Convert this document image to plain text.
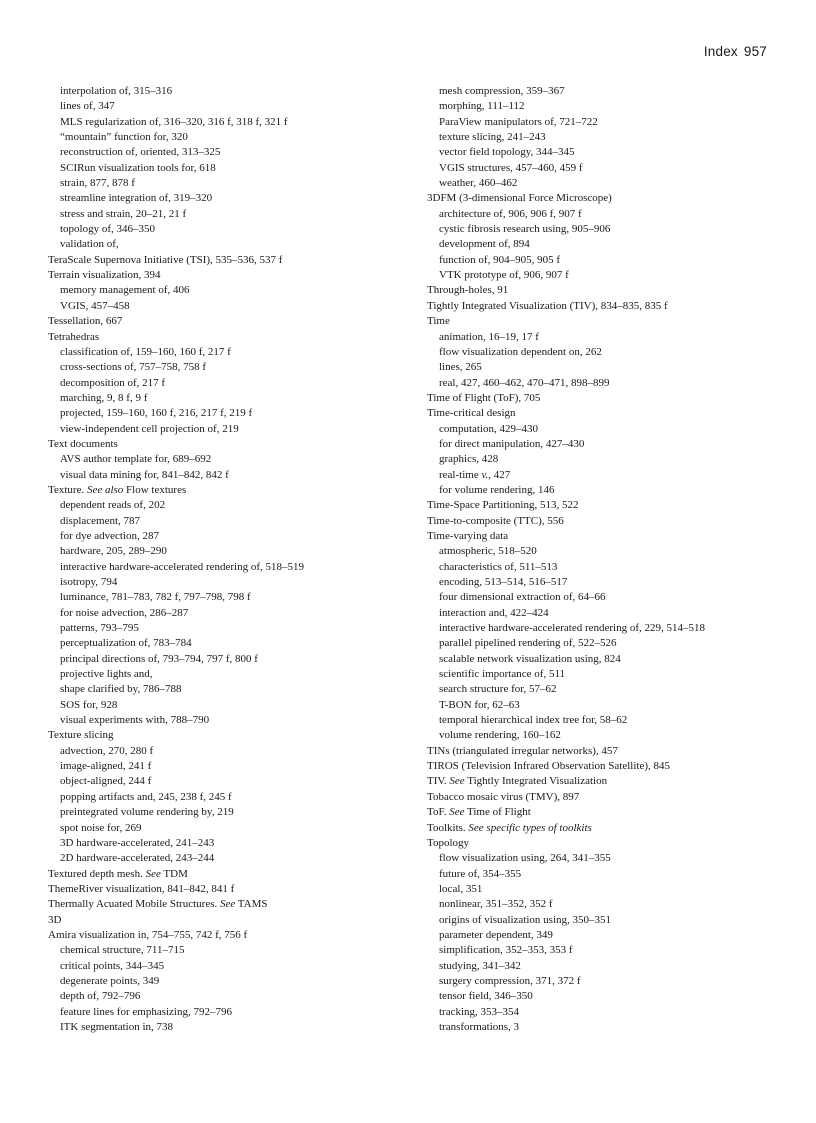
Index 957
interpolation of, 315–316
lines of, 347
MLS regularization of, 316–320, 316 f, 318 f, 321 f
“mountain” function for, 320
reconstruction of, oriented, 313–325
SCIRun visualization tools for, 618
strain, 877, 878 f
streamline integration of, 319–320
stress and strain, 20–21, 21 f
topology of, 346–350
validation of,
TeraScale Supernova Initiative (TSI), 535–536, 537 f
Terrain visualization, 394
memory management of, 406
VGIS, 457–458
Tessellation, 667
Tetrahedras
classification of, 159–160, 160 f, 217 f
cross-sections of, 757–758, 758 f
decomposition of, 217 f
marching, 9, 8 f, 9 f
projected, 159–160, 160 f, 216, 217 f, 219 f
view-independent cell projection of, 219
Text documents
AVS author template for, 689–692
visual data mining for, 841–842, 842 f
Texture. See also Flow textures
dependent reads of, 202
displacement, 787
for dye advection, 287
hardware, 205, 289–290
interactive hardware-accelerated rendering of, 518–519
isotropy, 794
luminance, 781–783, 782 f, 797–798, 798 f
for noise advection, 286–287
patterns, 793–795
perceptualization of, 783–784
principal directions of, 793–794, 797 f, 800 f
projective lights and,
shape clarified by, 786–788
SOS for, 928
visual experiments with, 788–790
Texture slicing
advection, 270, 280 f
image-aligned, 241 f
object-aligned, 244 f
popping artifacts and, 245, 238 f, 245 f
preintegrated volume rendering by, 219
spot noise for, 269
3D hardware-accelerated, 241–243
2D hardware-accelerated, 243–244
Textured depth mesh. See TDM
ThemeRiver visualization, 841–842, 841 f
Thermally Acuated Mobile Structures. See TAMS
3D
Amira visualization in, 754–755, 742 f, 756 f
chemical structure, 711–715
critical points, 344–345
degenerate points, 349
depth of, 792–796
feature lines for emphasizing, 792–796
ITK segmentation in, 738
mesh compression, 359–367
morphing, 111–112
ParaView manipulators of, 721–722
texture slicing, 241–243
vector field topology, 344–345
VGIS structures, 457–460, 459 f
weather, 460–462
3DFM (3-dimensional Force Microscope)
architecture of, 906, 906 f, 907 f
cystic fibrosis research using, 905–906
development of, 894
function of, 904–905, 905 f
VTK prototype of, 906, 907 f
Through-holes, 91
Tightly Integrated Visualization (TIV), 834–835, 835 f
Time
animation, 16–19, 17 f
flow visualization dependent on, 262
lines, 265
real, 427, 460–462, 470–471, 898–899
Time of Flight (ToF), 705
Time-critical design
computation, 429–430
for direct manipulation, 427–430
graphics, 428
real-time v., 427
for volume rendering, 146
Time-Space Partitioning, 513, 522
Time-to-composite (TTC), 556
Time-varying data
atmospheric, 518–520
characteristics of, 511–513
encoding, 513–514, 516–517
four dimensional extraction of, 64–66
interaction and, 422–424
interactive hardware-accelerated rendering of, 229, 514–518
parallel pipelined rendering of, 522–526
scalable network visualization using, 824
scientific importance of, 511
search structure for, 57–62
T-BON for, 62–63
temporal hierarchical index tree for, 58–62
volume rendering, 160–162
TINs (triangulated irregular networks), 457
TIROS (Television Infrared Observation Satellite), 845
TIV. See Tightly Integrated Visualization
Tobacco mosaic virus (TMV), 897
ToF. See Time of Flight
Toolkits. See specific types of toolkits
Topology
flow visualization using, 264, 341–355
future of, 354–355
local, 351
nonlinear, 351–352, 352 f
origins of visualization using, 350–351
parameter dependent, 349
simplification, 352–353, 353 f
studying, 341–342
surgery compression, 371, 372 f
tensor field, 346–350
tracking, 353–354
transformations, 3
